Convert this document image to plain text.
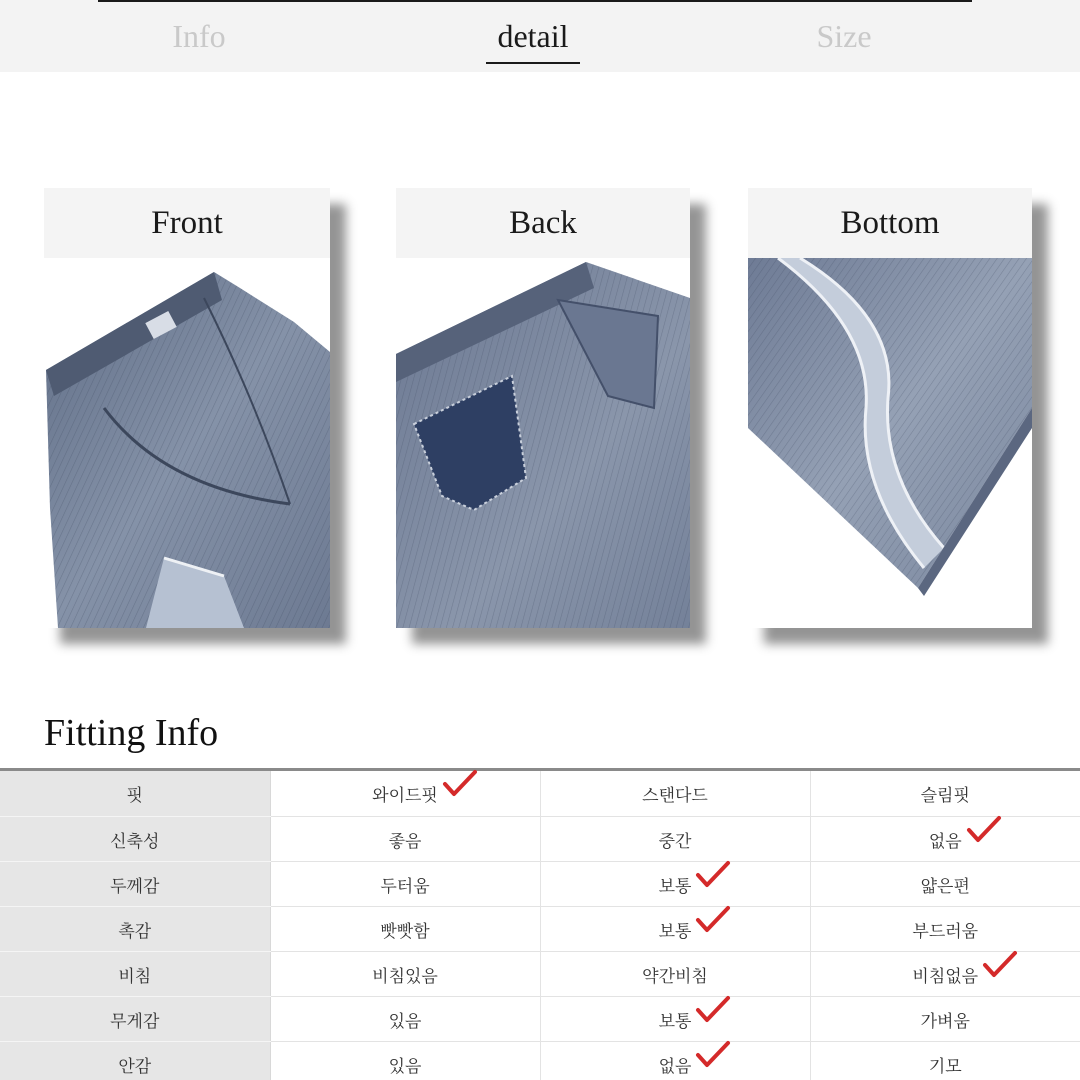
Info	detail	Size
Front	Back	Bottom
Fitting Info
핏	와이드핏	스탠다드	슬림핏
신축성	좋음	중간	없음

두께감	두터움	보통	얇은편
촉감	빳빳함	보통	부드러움
비침	비침있음	약간비침	비침없음

무게감	있음	보통	가벼움
안감	있음	없음	기모
